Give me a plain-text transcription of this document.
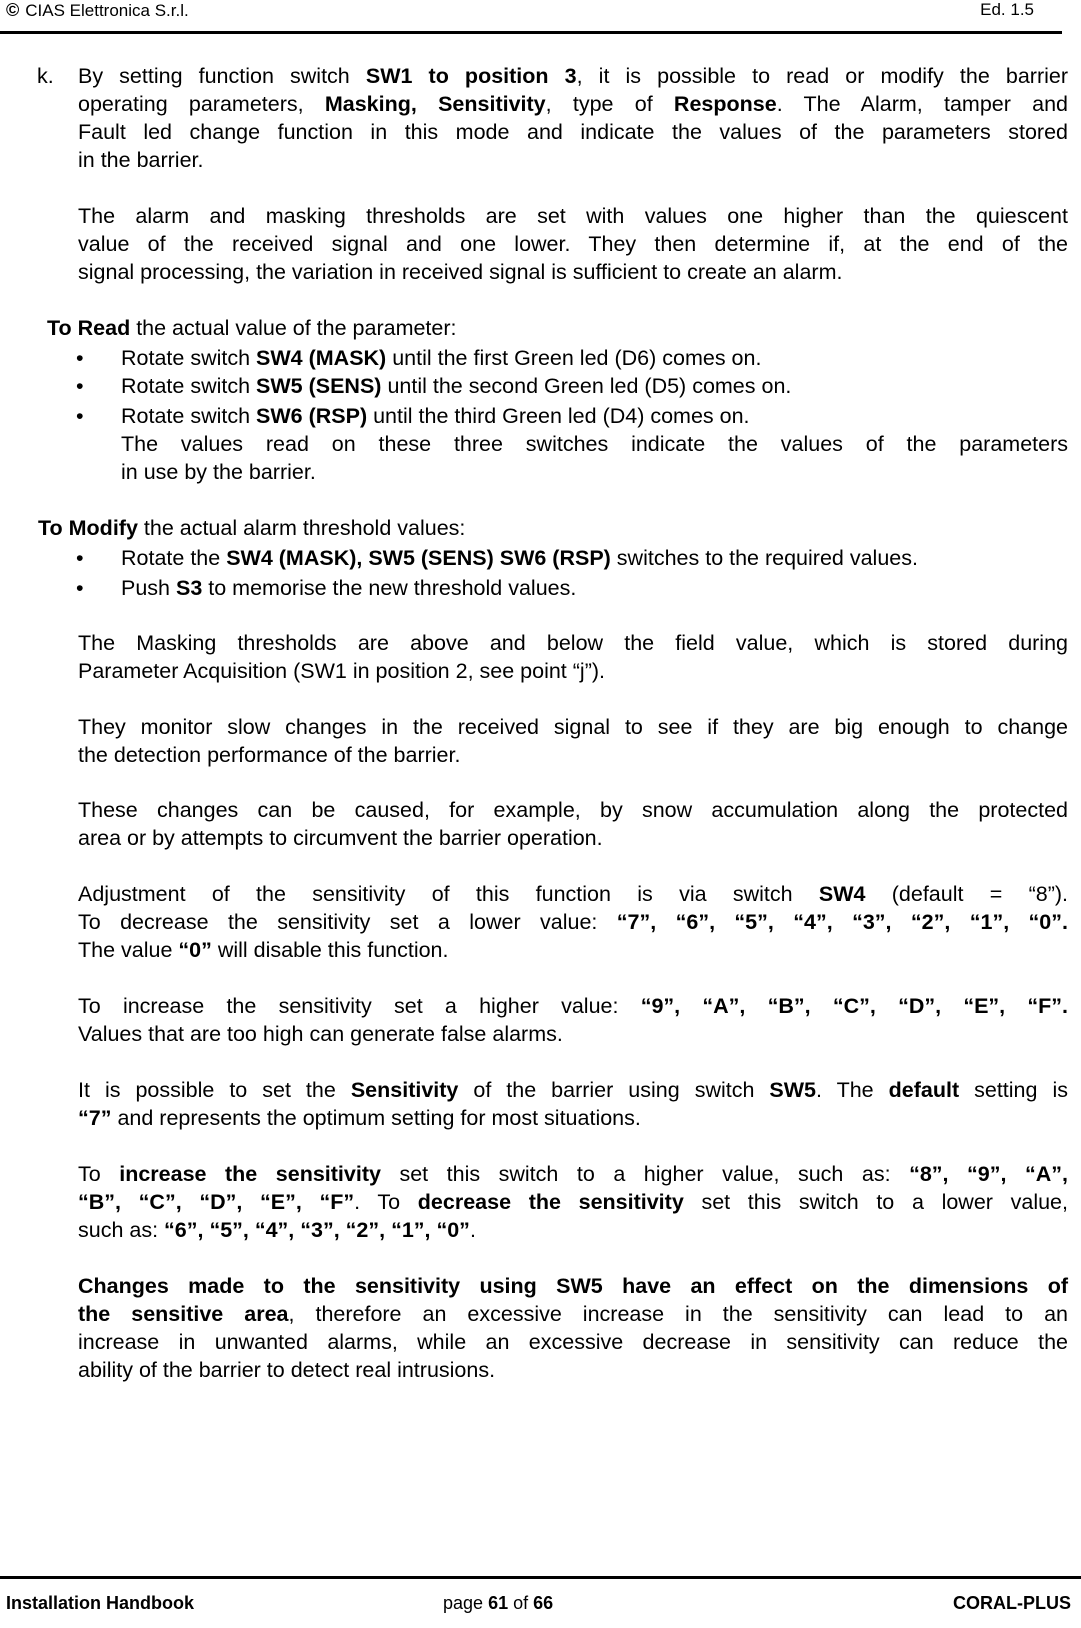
© CIAS Elettronica S.r.l.	Ed. 1.5
k. By setting function switch SW1 to position 3, it is possible to read or modify the barrier
operating parameters, Masking, Sensitivity, type of Response. The Alarm, tamper and
Fault led change function in this mode and indicate the values of the parameters stored
in the barrier.
The alarm and masking thresholds are set with values one higher than the quiescent
value of the received signal and one lower. They then determine if, at the end of the
signal processing, the variation in received signal is sufficient to create an alarm.
To Read the actual value of the parameter:
•	Rotate switch SW4 (MASK) until the first Green led (D6) comes on.
•	Rotate switch SW5 (SENS) until the second Green led (D5) comes on.
•	Rotate switch SW6 (RSP) until the third Green led (D4) comes on.
The values read on these three switches indicate the values of the parameters
in use by the barrier.
To Modify the actual alarm threshold values:
•	Rotate the SW4 (MASK), SW5 (SENS) SW6 (RSP) switches to the required values.
•	Push S3 to memorise the new threshold values.
The Masking thresholds are above and below the field value, which is stored during
Parameter Acquisition (SW1 in position 2, see point “j”).
They monitor slow changes in the received signal to see if they are big enough to change
the detection performance of the barrier.
These changes can be caused, for example, by snow accumulation along the protected
area or by attempts to circumvent the barrier operation.
Adjustment of the sensitivity of this function is via switch SW4 (default = “8”).
To decrease the sensitivity set a lower value: “7”, “6”, “5”, “4”, “3”, “2”, “1”, “0”.
The value “0” will disable this function.
To increase the sensitivity set a higher value: “9”, “A”, “B”, “C”, “D”, “E”, “F”.
Values that are too high can generate false alarms.
It is possible to set the Sensitivity of the barrier using switch SW5. The default setting is
“7” and represents the optimum setting for most situations.
To increase the sensitivity set this switch to a higher value, such as: “8”, “9”, “A”,
“B”, “C”, “D”, “E”, “F”. To decrease the sensitivity set this switch to a lower value,
such as: “6”, “5”, “4”, “3”, “2”, “1”, “0”.
Changes made to the sensitivity using SW5 have an effect on the dimensions of
the sensitive area, therefore an excessive increase in the sensitivity can lead to an
increase in unwanted alarms, while an excessive decrease in sensitivity can reduce the
ability of the barrier to detect real intrusions.
Installation Handbook	page 61 of 66	CORAL-PLUS
